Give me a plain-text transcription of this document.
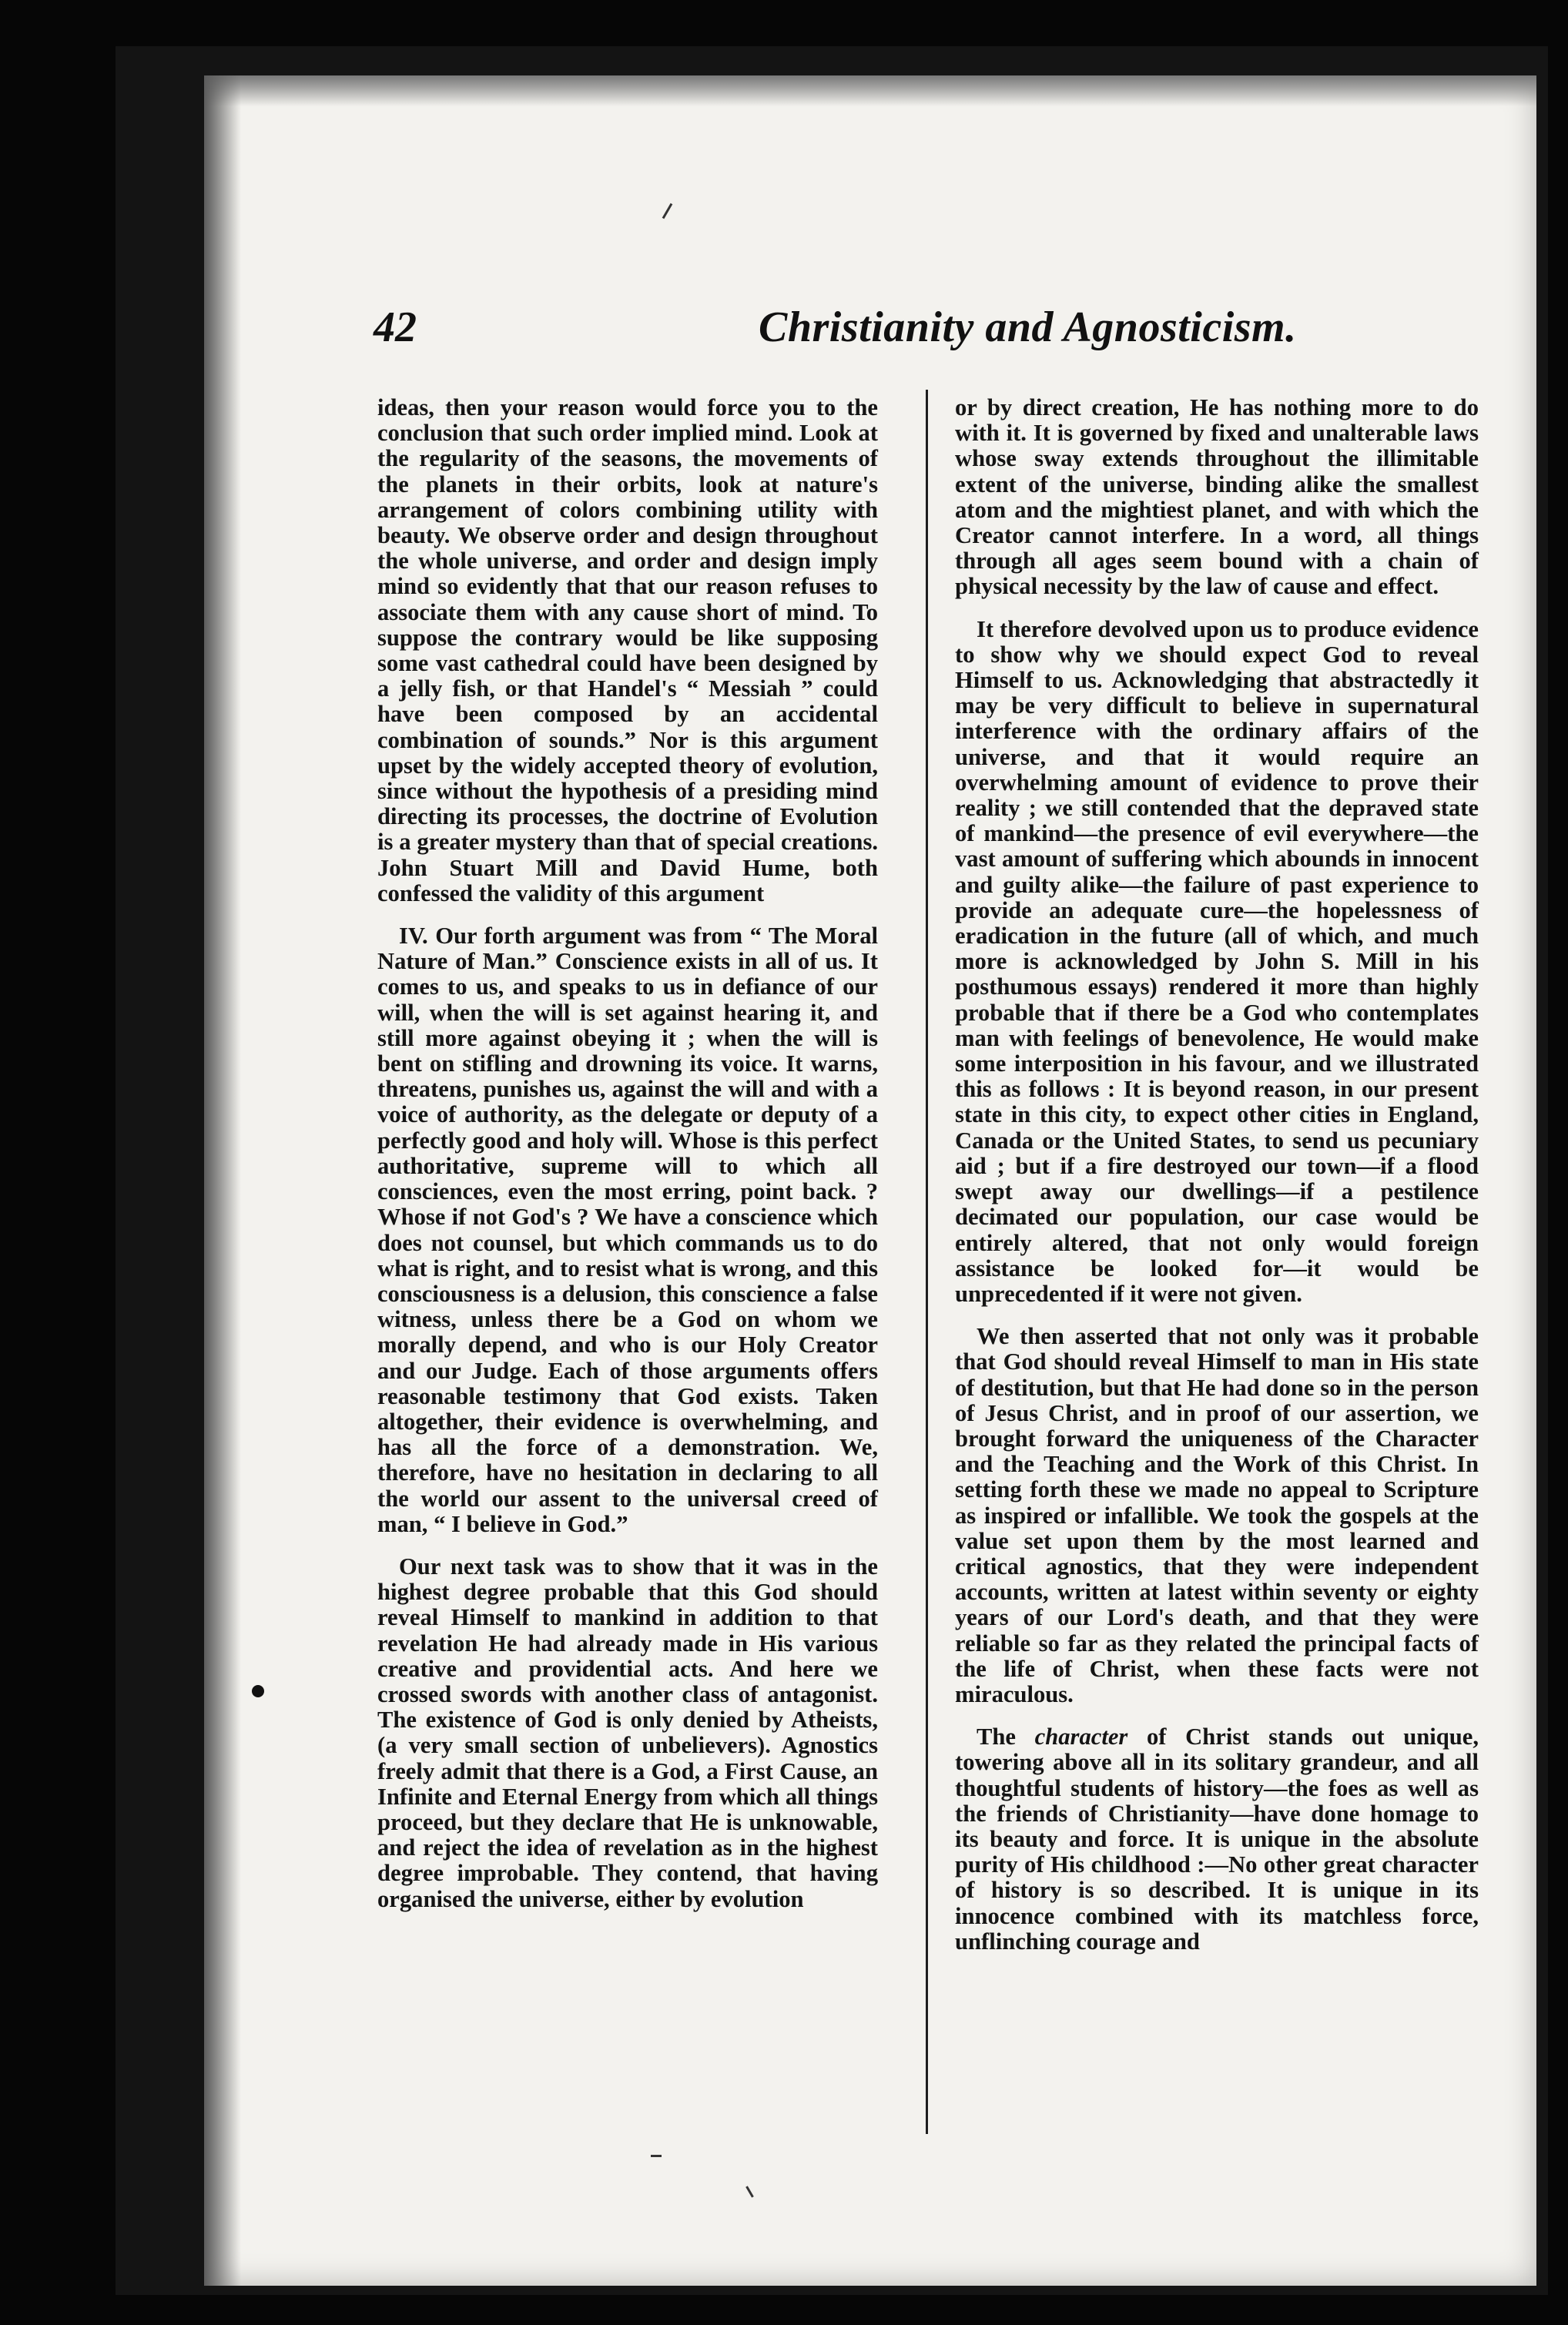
42	Christianity and Agnosticism.

ideas, then your reason would force you to the conclusion that such order implied mind. Look at the regularity of the seasons, the movements of the planets in their orbits, look at nature's arrangement of colors combining utility with beauty. We observe order and design throughout the whole universe, and order and design imply mind so evidently that that our reason refuses to associate them with any cause short of mind. To suppose the contrary would be like supposing some vast cathedral could have been designed by a jelly fish, or that Handel's “ Messiah ” could have been composed by an accidental combination of sounds.” Nor is this argument upset by the widely accepted theory of evolution, since without the hypothesis of a presiding mind directing its processes, the doctrine of Evolution is a greater mystery than that of special creations. John Stuart Mill and David Hume, both confessed the validity of this argument

IV. Our forth argument was from “ The Moral Nature of Man.” Conscience exists in all of us. It comes to us, and speaks to us in defiance of our will, when the will is set against hearing it, and still more against obeying it ; when the will is bent on stifling and drowning its voice. It warns, threatens, punishes us, against the will and with a voice of authority, as the delegate or deputy of a perfectly good and holy will. Whose is this perfect authoritative, supreme will to which all consciences, even the most erring, point back. ? Whose if not God's ? We have a conscience which does not counsel, but which commands us to do what is right, and to resist what is wrong, and this consciousness is a delusion, this conscience a false witness, unless there be a God on whom we morally depend, and who is our Holy Creator and our Judge. Each of those arguments offers reasonable testimony that God exists. Taken altogether, their evidence is overwhelming, and has all the force of a demonstration. We, therefore, have no hesitation in declaring to all the world our assent to the universal creed of man, “ I believe in God.”

Our next task was to show that it was in the highest degree probable that this God should reveal Himself to mankind in addition to that revelation He had already made in His various creative and providential acts. And here we crossed swords with another class of antagonist. The existence of God is only denied by Atheists, (a very small section of unbelievers). Agnostics freely admit that there is a God, a First Cause, an Infinite and Eternal Energy from which all things proceed, but they declare that He is unknowable, and reject the idea of revelation as in the highest degree improbable. They contend, that having organised the universe, either by evolution

or by direct creation, He has nothing more to do with it. It is governed by fixed and unalterable laws whose sway extends throughout the illimitable extent of the universe, binding alike the smallest atom and the mightiest planet, and with which the Creator cannot interfere. In a word, all things through all ages seem bound with a chain of physical necessity by the law of cause and effect.

It therefore devolved upon us to produce evidence to show why we should expect God to reveal Himself to us. Acknowledging that abstractedly it may be very difficult to believe in supernatural interference with the ordinary affairs of the universe, and that it would require an overwhelming amount of evidence to prove their reality ; we still contended that the depraved state of mankind—the presence of evil everywhere—the vast amount of suffering which abounds in innocent and guilty alike—the failure of past experience to provide an adequate cure—the hopelessness of eradication in the future (all of which, and much more is acknowledged by John S. Mill in his posthumous essays) rendered it more than highly probable that if there be a God who contemplates man with feelings of benevolence, He would make some interposition in his favour, and we illustrated this as follows : It is beyond reason, in our present state in this city, to expect other cities in England, Canada or the United States, to send us pecuniary aid ; but if a fire destroyed our town—if a flood swept away our dwellings—if a pestilence decimated our population, our case would be entirely altered, that not only would foreign assistance be looked for—it would be unprecedented if it were not given.

We then asserted that not only was it probable that God should reveal Himself to man in His state of destitution, but that He had done so in the person of Jesus Christ, and in proof of our assertion, we brought forward the uniqueness of the Character and the Teaching and the Work of this Christ. In setting forth these we made no appeal to Scripture as inspired or infallible. We took the gospels at the value set upon them by the most learned and critical agnostics, that they were independent accounts, written at latest within seventy or eighty years of our Lord's death, and that they were reliable so far as they related the principal facts of the life of Christ, when these facts were not miraculous.

The character of Christ stands out unique, towering above all in its solitary grandeur, and all thoughtful students of history—the foes as well as the friends of Christianity—have done homage to its beauty and force. It is unique in the absolute purity of His childhood :—No other great character of history is so described. It is unique in its innocence combined with its matchless force, unflinching courage and
